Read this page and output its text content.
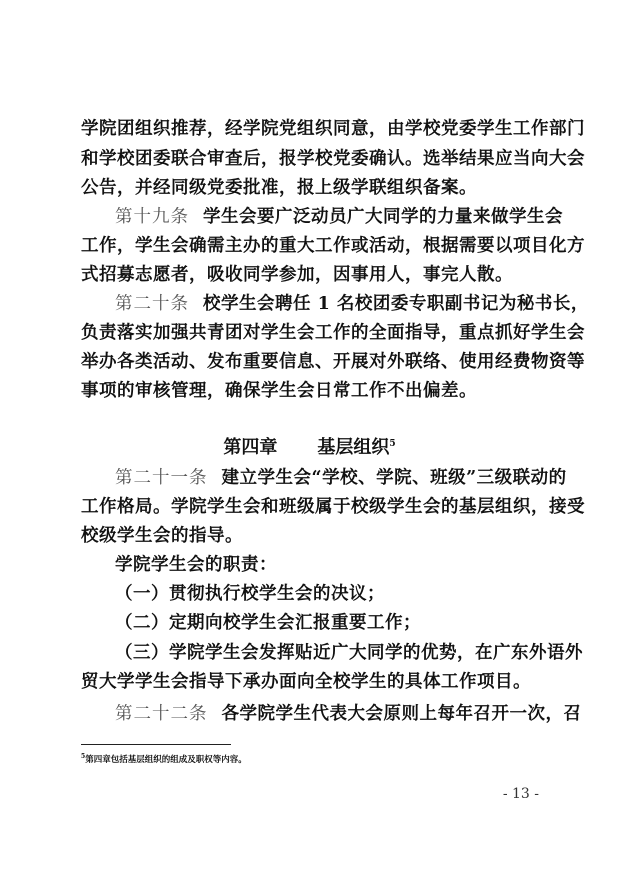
学院团组织推荐，经学院党组织同意，由学校党委学生工作部门
和学校团委联合审查后，报学校党委确认。选举结果应当向大会
公告，并经同级党委批准，报上级学联组织备案。
第十九条 学生会要广泛动员广大同学的力量来做学生会
工作，学生会确需主办的重大工作或活动，根据需要以项目化方
式招募志愿者，吸收同学参加，因事用人，事完人散。
第二十条 校学生会聘任 1 名校团委专职副书记为秘书长，
负责落实加强共青团对学生会工作的全面指导，重点抓好学生会
举办各类活动、发布重要信息、开展对外联络、使用经费物资等
事项的审核管理，确保学生会日常工作不出偏差。
第四章 基层组织$^5$
第二十一条 建立学生会“学校、学院、班级”三级联动的
工作格局。学院学生会和班级属于校级学生会的基层组织，接受
校级学生会的指导。
学院学生会的职责：
（一）贯彻执行校学生会的决议；
（二）定期向校学生会汇报重要工作；
（三）学院学生会发挥贴近广大同学的优势，在广东外语外
贸大学学生会指导下承办面向全校学生的具体工作项目。
第二十二条 各学院学生代表大会原则上每年召开一次，召
$^5$第四章包括基层组织的组成及职权等内容。
- 13 -
